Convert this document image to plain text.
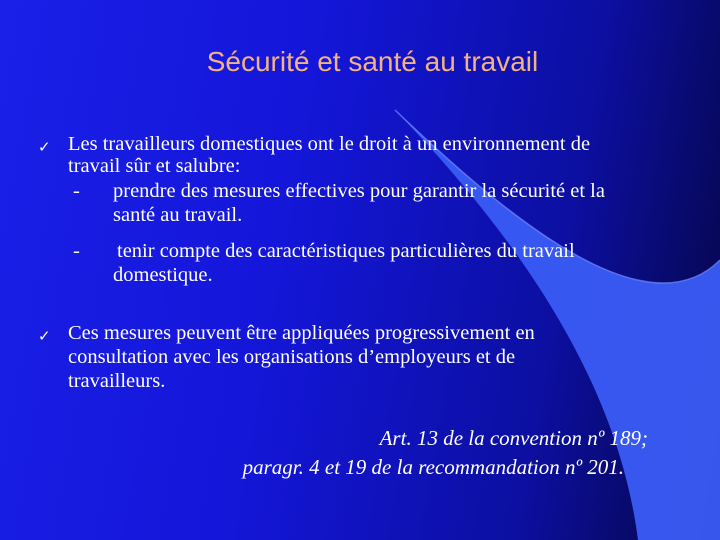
Sécurité et santé au travail
✓ Les travailleurs domestiques ont le droit à un environnement de
travail sûr et salubre:
- prendre des mesures effectives pour garantir la sécurité et la
santé au travail.
- tenir compte des caractéristiques particulières du travail
domestique.
✓ Ces mesures peuvent être appliquées progressivement en
consultation avec les organisations d’employeurs et de
travailleurs.
Art. 13 de la convention nº 189;
paragr. 4 et 19 de la recommandation nº 201.
